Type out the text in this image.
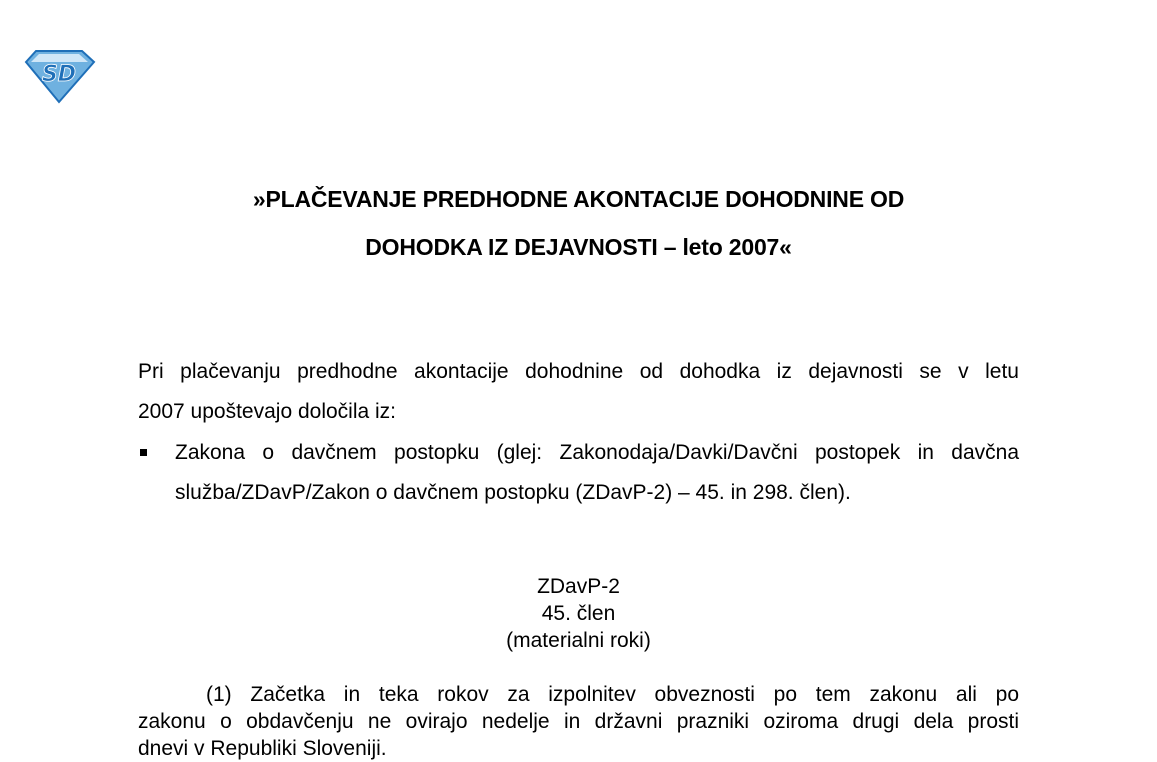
SD
»PLAČEVANJE PREDHODNE AKONTACIJE DOHODNINE OD
DOHODKA IZ DEJAVNOSTI – leto 2007«
Pri plačevanju predhodne akontacije dohodnine od dohodka iz dejavnosti se v letu
2007 upoštevajo določila iz:
Zakona o davčnem postopku (glej: Zakonodaja/Davki/Davčni postopek in davčna
služba/ZDavP/Zakon o davčnem postopku (ZDavP-2) – 45. in 298. člen).
ZDavP-2
45. člen
(materialni roki)
(1) Začetka in teka rokov za izpolnitev obveznosti po tem zakonu ali po
zakonu o obdavčenju ne ovirajo nedelje in državni prazniki oziroma drugi dela prosti
dnevi v Republiki Sloveniji.
